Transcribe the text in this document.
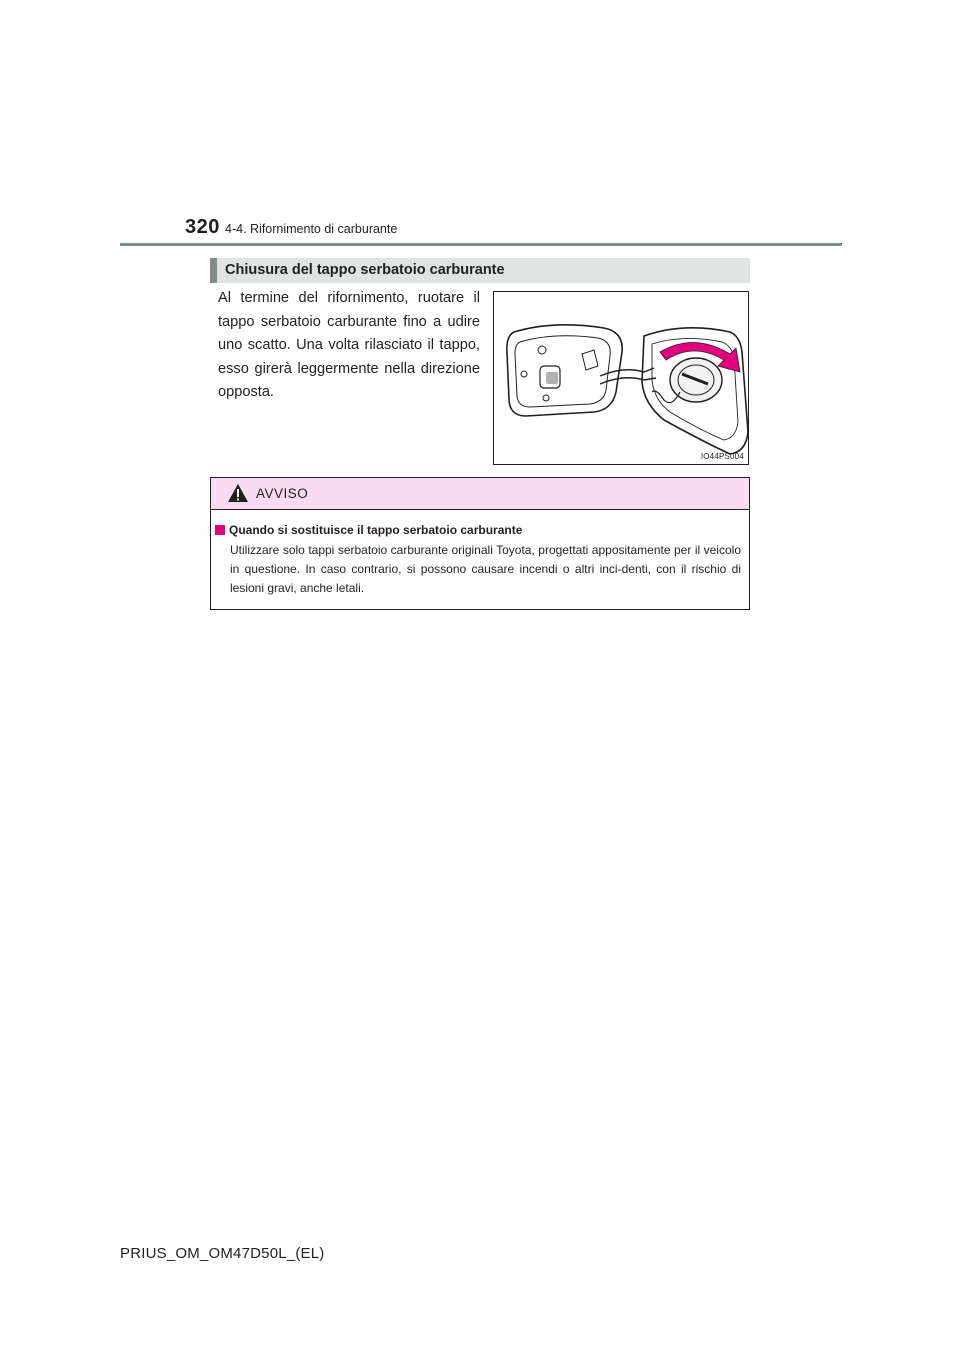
320 4-4. Rifornimento di carburante
Chiusura del tappo serbatoio carburante

Al termine del rifornimento, ruotare il tappo serbatoio carburante fino a udire uno scatto. Una volta rilasciato il tappo, esso girerà leggermente nella direzione opposta.

IO44PS004
AVVISO
Quando si sostituisce il tappo serbatoio carburante

Utilizzare solo tappi serbatoio carburante originali Toyota, progettati appositamente per il veicolo in questione. In caso contrario, si possono causare incendi o altri inci-denti, con il rischio di lesioni gravi, anche letali.

PRIUS_OM_OM47D50L_(EL)
